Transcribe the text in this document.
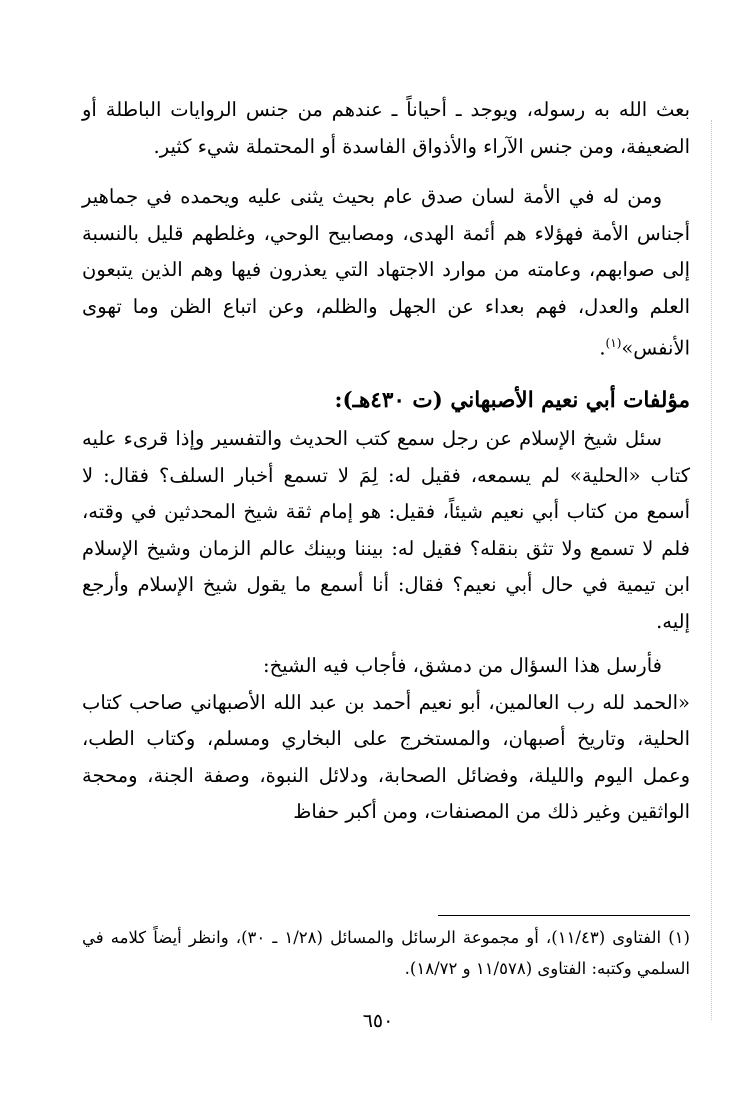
بعث الله به رسوله، ويوجد ـ أحياناً ـ عندهم من جنس الروايات الباطلة أو الضعيفة، ومن جنس الآراء والأذواق الفاسدة أو المحتملة شيء كثير.

ومن له في الأمة لسان صدق عام بحيث يثنى عليه ويحمده في جماهير أجناس الأمة فهؤلاء هم أئمة الهدى، ومصابيح الوحي، وغلطهم قليل بالنسبة إلى صوابهم، وعامته من موارد الاجتهاد التي يعذرون فيها وهم الذين يتبعون العلم والعدل، فهم بعداء عن الجهل والظلم، وعن اتباع الظن وما تهوى الأنفس»$^{(١)}$.

مؤلفات أبي نعيم الأصبهاني (ت ٤٣٠هـ):

سئل شيخ الإسلام عن رجل سمع كتب الحديث والتفسير وإذا قرىء عليه كتاب «الحلية» لم يسمعه، فقيل له: لِمَ لا تسمع أخبار السلف؟ فقال: لا أسمع من كتاب أبي نعيم شيئاً، فقيل: هو إمام ثقة شيخ المحدثين في وقته، فلم لا تسمع ولا تثق بنقله؟ فقيل له: بيننا وبينك عالم الزمان وشيخ الإسلام ابن تيمية في حال أبي نعيم؟ فقال: أنا أسمع ما يقول شيخ الإسلام وأرجع إليه.

فأرسل هذا السؤال من دمشق، فأجاب فيه الشيخ:

«الحمد لله رب العالمين، أبو نعيم أحمد بن عبد الله الأصبهاني صاحب كتاب الحلية، وتاريخ أصبهان، والمستخرج على البخاري ومسلم، وكتاب الطب، وعمل اليوم والليلة، وفضائل الصحابة، ودلائل النبوة، وصفة الجنة، ومحجة الواثقين وغير ذلك من المصنفات، ومن أكبر حفاظ

(١) الفتاوى (١١/٤٣)، أو مجموعة الرسائل والمسائل (١/٢٨ ـ ٣٠)، وانظر أيضاً كلامه في السلمي وكتبه: الفتاوى (١١/٥٧٨ و ١٨/٧٢).

٦٥٠
